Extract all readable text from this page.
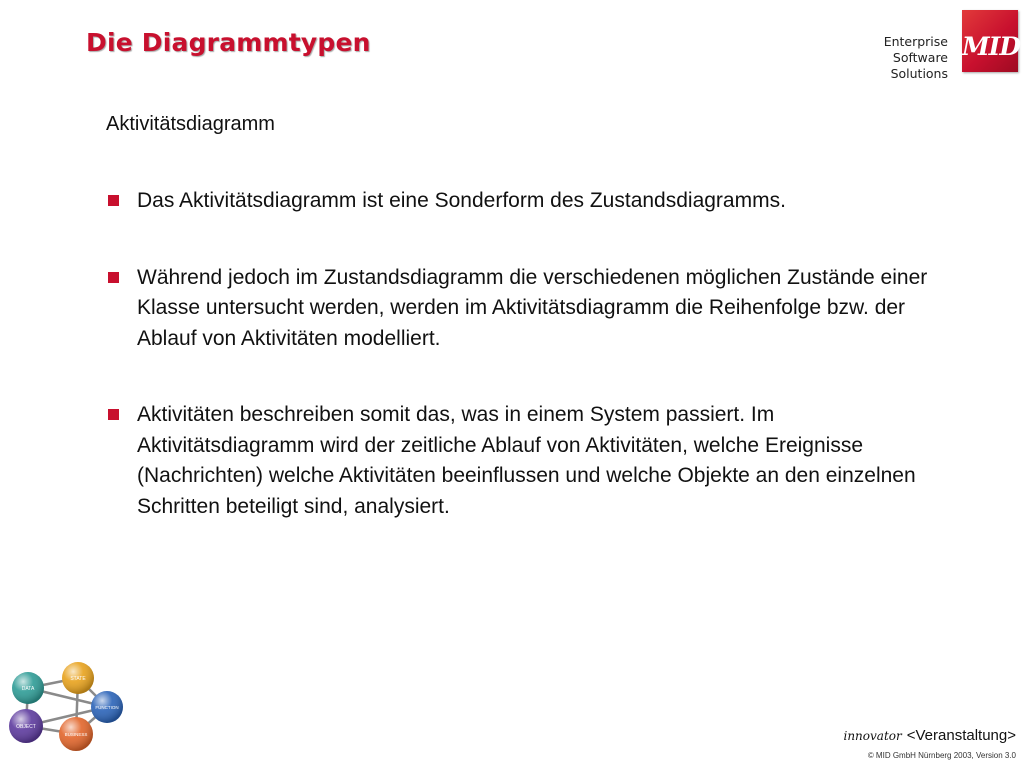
Die Diagrammtypen	Enterprise
Software Solutions
MID
Aktivitätsdiagramm
Das Aktivitätsdiagramm ist eine Sonderform des Zustandsdiagramms.
Während jedoch im Zustandsdiagramm die verschiedenen möglichen Zustände einer Klasse untersucht werden, werden im Aktivitätsdiagramm die Reihenfolge bzw. der Ablauf von Aktivitäten modelliert.
Aktivitäten beschreiben somit das, was in einem System passiert. Im Aktivitätsdiagramm wird der zeitliche Ablauf von Aktivitäten, welche Ereignisse (Nachrichten) welche Aktivitäten beeinflussen und welche Objekte an den einzelnen Schritten beteiligt sind, analysiert.
DATA
STATE
FUNCTION
OBJECT
BUSINESS	innovator <Veranstaltung>
© MID GmbH Nürnberg 2003, Version 3.0
